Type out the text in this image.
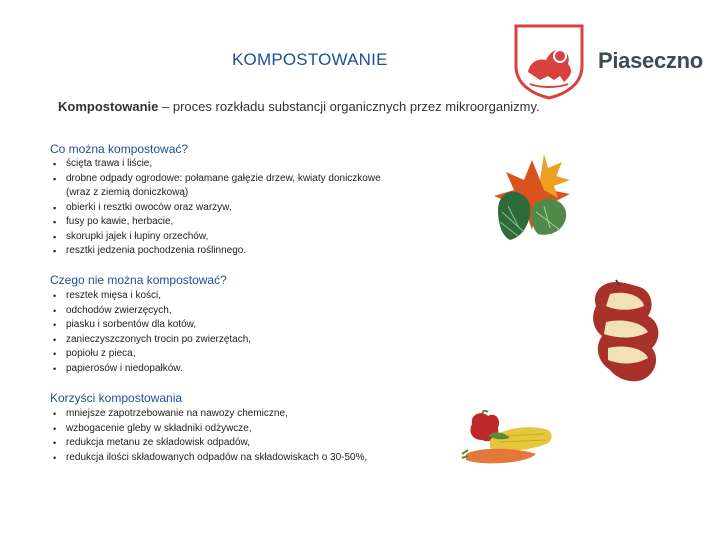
KOMPOSTOWANIE	Piaseczno
Kompostowanie – proces rozkładu substancji organicznych przez mikroorganizmy.
Co można kompostować?
▪ ścięta trawa i liście,
▪ drobne odpady ogrodowe: połamane gałęzie drzew, kwiaty doniczkowe
(wraz z ziemią doniczkową)
▪ obierki i resztki owoców oraz warzyw,
▪ fusy po kawie, herbacie,
▪ skorupki jajek i łupiny orzechów,
▪ resztki jedzenia pochodzenia roślinnego.
Czego nie można kompostować?
• resztek mięsa i kości,
• odchodów zwierzęcych,
• piasku i sorbentów dla kotów,
• zanieczyszczonych trocin po zwierzętach,
• popiołu z pieca,
• papierosów i niedopałków.
Korzyści kompostowania
• mniejsze zapotrzebowanie na nawozy chemiczne,
• wzbogacenie gleby w składniki odżywcze,
• redukcja metanu ze składowisk odpadów,
• redukcja ilości składowanych odpadów na składowiskach o 30-50%,
